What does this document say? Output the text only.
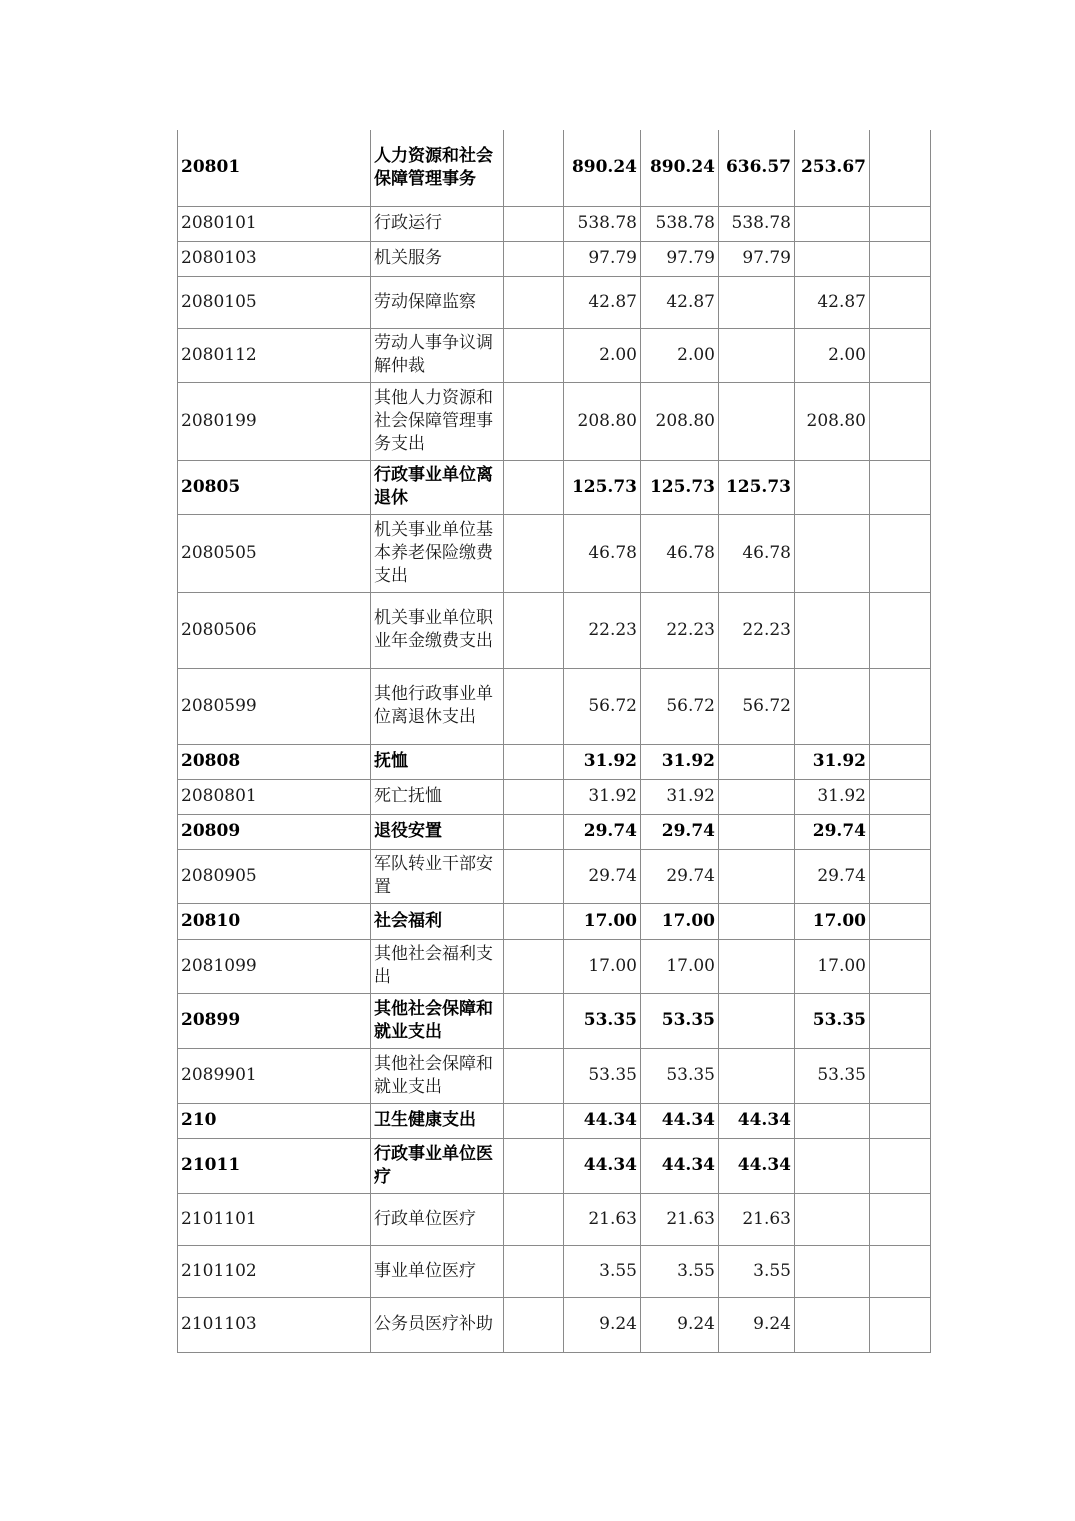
20801	人力资源和社会保障管理事务		890.24	890.24	636.57	253.67	
2080101	行政运行		538.78	538.78	538.78		
2080103	机关服务		97.79	97.79	97.79		
2080105	劳动保障监察		42.87	42.87		42.87	
2080112	劳动人事争议调解仲裁		2.00	2.00		2.00	
2080199	其他人力资源和社会保障管理事务支出		208.80	208.80		208.80	
20805	行政事业单位离退休		125.73	125.73	125.73		
2080505	机关事业单位基本养老保险缴费支出		46.78	46.78	46.78		
2080506	机关事业单位职业年金缴费支出		22.23	22.23	22.23		
2080599	其他行政事业单位离退休支出		56.72	56.72	56.72		
20808	抚恤		31.92	31.92		31.92	
2080801	死亡抚恤		31.92	31.92		31.92	
20809	退役安置		29.74	29.74		29.74	
2080905	军队转业干部安置		29.74	29.74		29.74	
20810	社会福利		17.00	17.00		17.00	
2081099	其他社会福利支出		17.00	17.00		17.00	
20899	其他社会保障和就业支出		53.35	53.35		53.35	
2089901	其他社会保障和就业支出		53.35	53.35		53.35	
210	卫生健康支出		44.34	44.34	44.34		
21011	行政事业单位医疗		44.34	44.34	44.34		
2101101	行政单位医疗		21.63	21.63	21.63		
2101102	事业单位医疗		3.55	3.55	3.55		
2101103	公务员医疗补助		9.24	9.24	9.24		
